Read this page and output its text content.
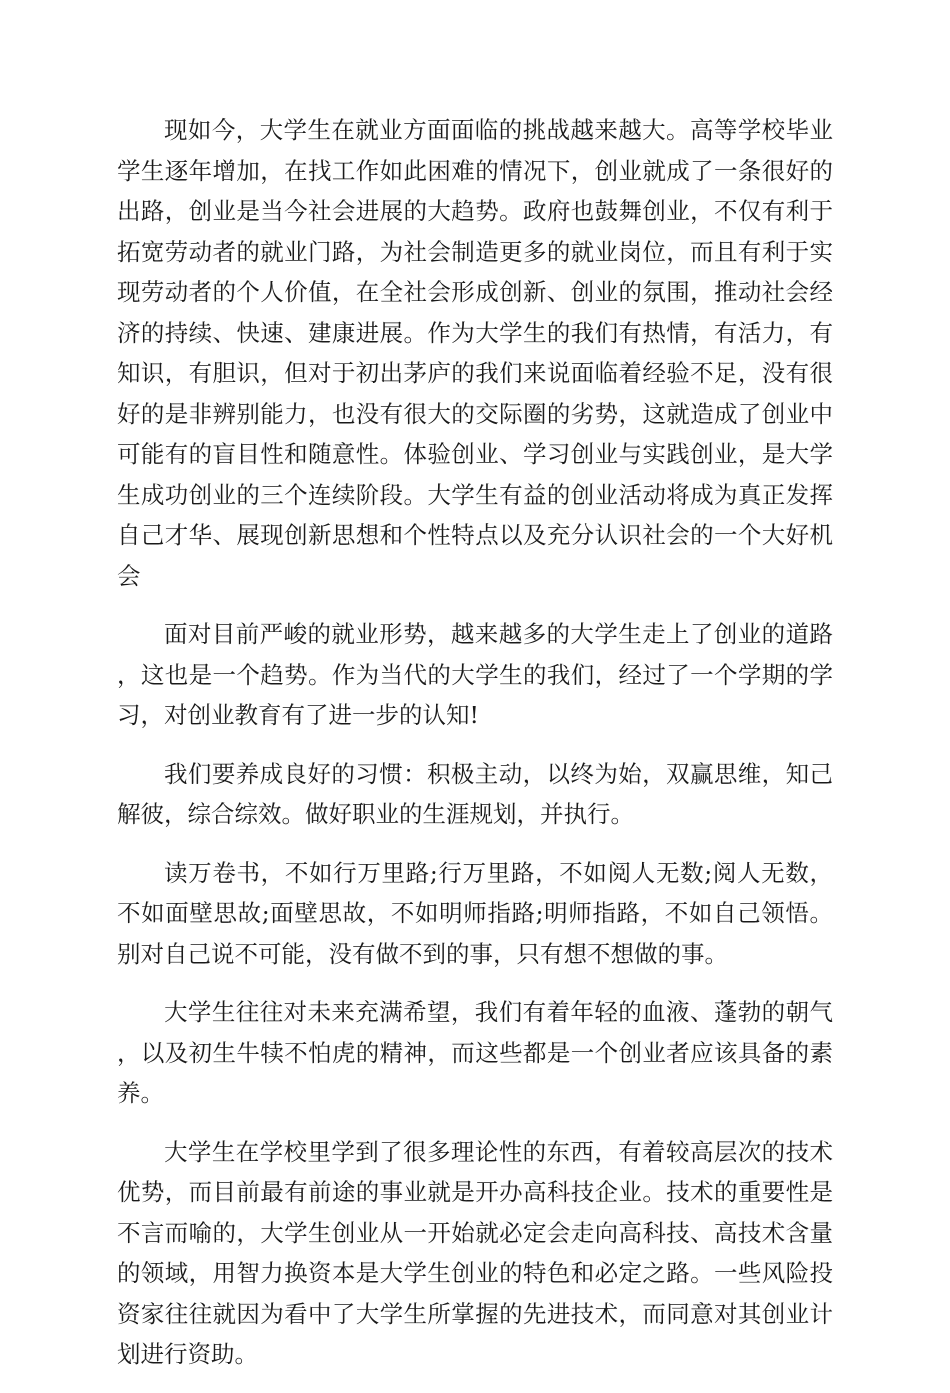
现如今，大学生在就业方面面临的挑战越来越大。高等学校毕业学生逐年增加，在找工作如此困难的情况下，创业就成了一条很好的出路，创业是当今社会进展的大趋势。政府也鼓舞创业，不仅有利于拓宽劳动者的就业门路，为社会制造更多的就业岗位，而且有利于实现劳动者的个人价值，在全社会形成创新、创业的氛围，推动社会经济的持续、快速、建康进展。作为大学生的我们有热情，有活力，有知识，有胆识，但对于初出茅庐的我们来说面临着经验不足，没有很好的是非辨别能力，也没有很大的交际圈的劣势，这就造成了创业中可能有的盲目性和随意性。体验创业、学习创业与实践创业，是大学生成功创业的三个连续阶段。大学生有益的创业活动将成为真正发挥自己才华、展现创新思想和个性特点以及充分认识社会的一个大好机会

面对目前严峻的就业形势，越来越多的大学生走上了创业的道路，这也是一个趋势。作为当代的大学生的我们，经过了一个学期的学习，对创业教育有了进一步的认知!

我们要养成良好的习惯：积极主动，以终为始，双赢思维，知己解彼，综合综效。做好职业的生涯规划，并执行。

读万卷书，不如行万里路;行万里路，不如阅人无数;阅人无数，不如面壁思故;面壁思故，不如明师指路;明师指路，不如自己领悟。别对自己说不可能，没有做不到的事，只有想不想做的事。

大学生往往对未来充满希望，我们有着年轻的血液、蓬勃的朝气，以及初生牛犊不怕虎的精神，而这些都是一个创业者应该具备的素养。

大学生在学校里学到了很多理论性的东西，有着较高层次的技术优势，而目前最有前途的事业就是开办高科技企业。技术的重要性是不言而喻的，大学生创业从一开始就必定会走向高科技、高技术含量的领域，用智力换资本是大学生创业的特色和必定之路。一些风险投资家往往就因为看中了大学生所掌握的先进技术，而同意对其创业计划进行资助。
